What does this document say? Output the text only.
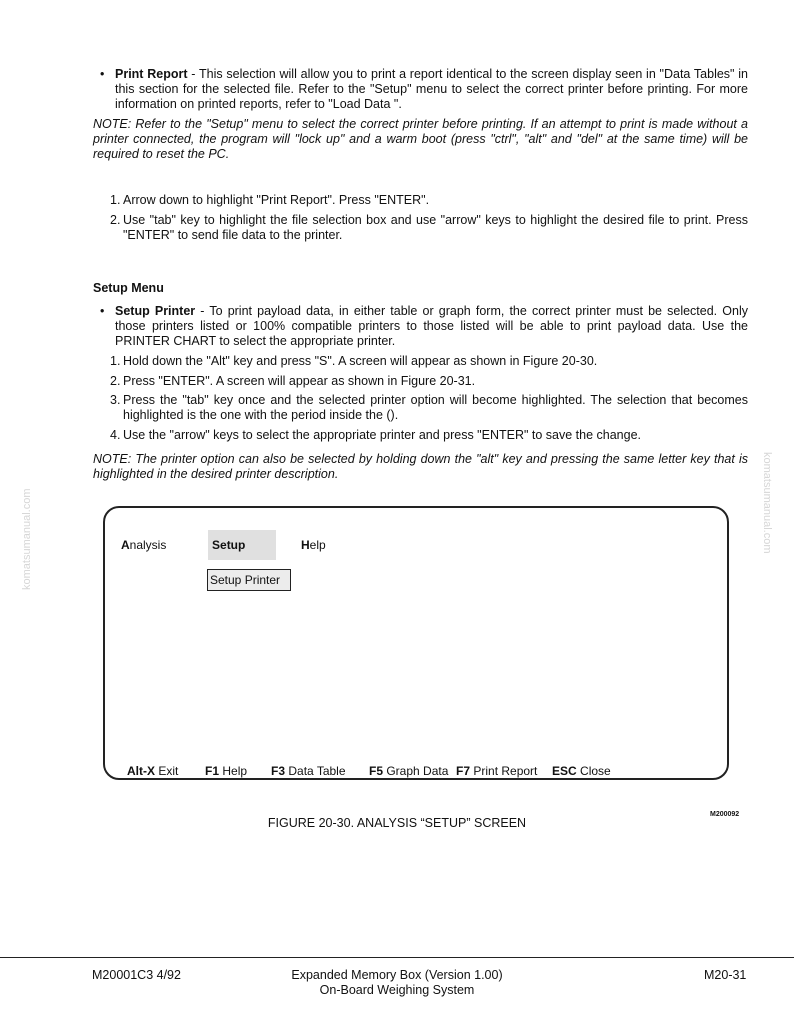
• Print Report - This selection will allow you to print a report identical to the screen display seen in "Data Tables" in this section for the selected file. Refer to the "Setup" menu to select the correct printer before printing. For more information on printed reports, refer to "Load Data ".
NOTE: Refer to the "Setup" menu to select the correct printer before printing. If an attempt to print is made without a printer connected, the program will "lock up" and a warm boot (press "ctrl", "alt" and "del" at the same time) will be required to reset the PC.
1. Arrow down to highlight "Print Report". Press "ENTER".
2. Use "tab" key to highlight the file selection box and use "arrow" keys to highlight the desired file to print. Press "ENTER" to send file data to the printer.
Setup Menu
• Setup Printer - To print payload data, in either table or graph form, the correct printer must be selected. Only those printers listed or 100% compatible printers to those listed will be able to print payload data. Use the PRINTER CHART to select the appropriate printer.
1. Hold down the "Alt" key and press "S". A screen will appear as shown in Figure 20-30.
2. Press "ENTER". A screen will appear as shown in Figure 20-31.
3. Press the "tab" key once and the selected printer option will become highlighted. The selection that becomes highlighted is the one with the period inside the ().
4. Use the "arrow" keys to select the appropriate printer and press "ENTER" to save the change.
NOTE: The printer option can also be selected by holding down the "alt" key and pressing the same letter key that is highlighted in the desired printer description.
komatsumanual.com	komatsumanual.com
Analysis	Setup	Help
Setup Printer
Alt-X Exit F1 Help F3 Data Table F5 Graph Data F7 Print Report ESC Close
M200092
FIGURE 20-30. ANALYSIS “SETUP” SCREEN
M20001C3 4/92	Expanded Memory Box (Version 1.00)
On-Board Weighing System
M20-31
